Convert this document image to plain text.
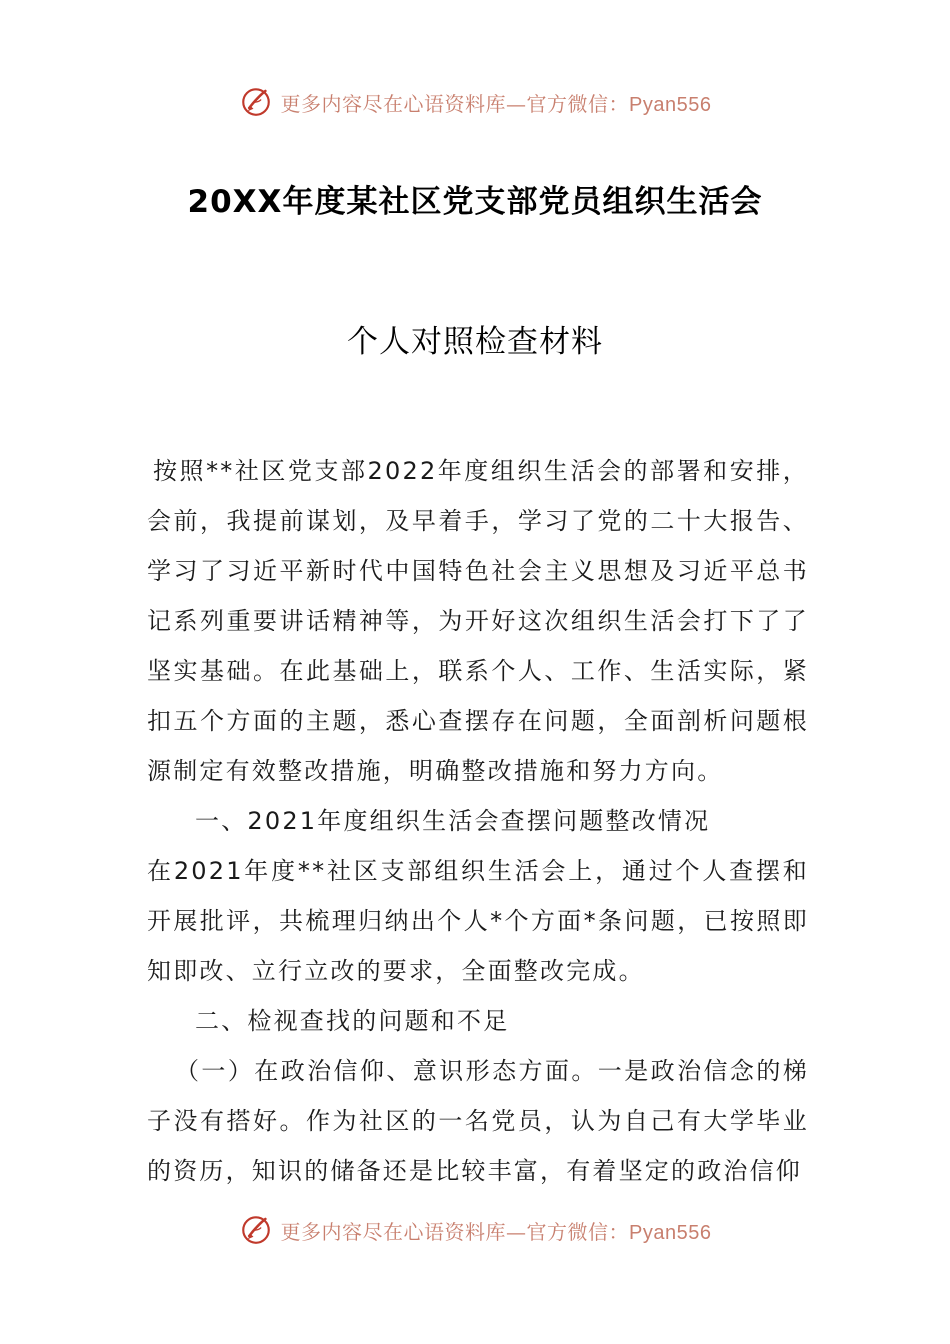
更多内容尽在心语资料库—官方微信：Pyan556
20XX年度某社区党支部党员组织生活会
个人对照检查材料

按照**社区党支部2022年度组织生活会的部署和安排，会前，我提前谋划，及早着手，学习了党的二十大报告、学习了习近平新时代中国特色社会主义思想及习近平总书记系列重要讲话精神等，为开好这次组织生活会打下了了坚实基础。在此基础上，联系个人、工作、生活实际，紧扣五个方面的主题，悉心查摆存在问题，全面剖析问题根源制定有效整改措施，明确整改措施和努力方向。

一、2021年度组织生活会查摆问题整改情况

在2021年度**社区支部组织生活会上，通过个人查摆和开展批评，共梳理归纳出个人*个方面*条问题，已按照即知即改、立行立改的要求，全面整改完成。

二、检视查找的问题和不足

（一）在政治信仰、意识形态方面。一是政治信念的梯子没有搭好。作为社区的一名党员，认为自己有大学毕业的资历，知识的储备还是比较丰富，有着坚定的政治信仰

更多内容尽在心语资料库—官方微信：Pyan556
